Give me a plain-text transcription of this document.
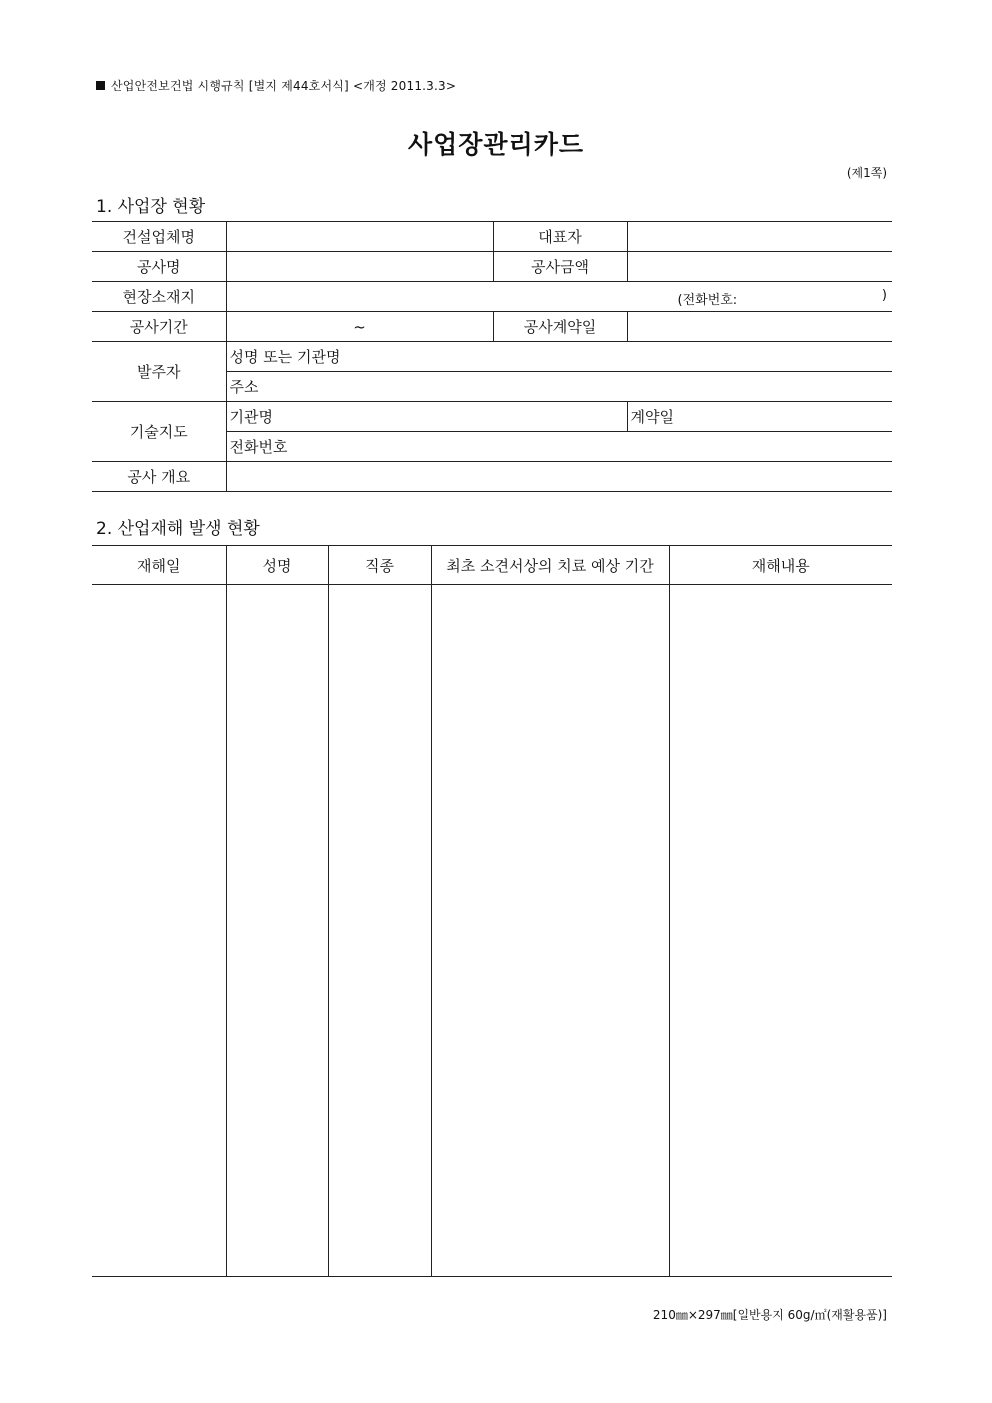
산업안전보건법 시행규칙 [별지 제44호서식] <개정 2011.3.3>
사업장관리카드
(제1쪽)
1. 사업장 현황
건설업체명		대표자	
공사명		공사금액	
현장소재지	(전화번호: )		

공사기간	~	공사계약일	
발주자	성명 또는 기관명		
	주소		
기술지도	기관명		계약일
	전화번호		
공사 개요			
2. 산업재해 발생 현황
재해일	성명	직종	최초 소견서상의 치료 예상 기간	재해내용

210㎜×297㎜[일반용지 60g/㎡(재활용품)]
